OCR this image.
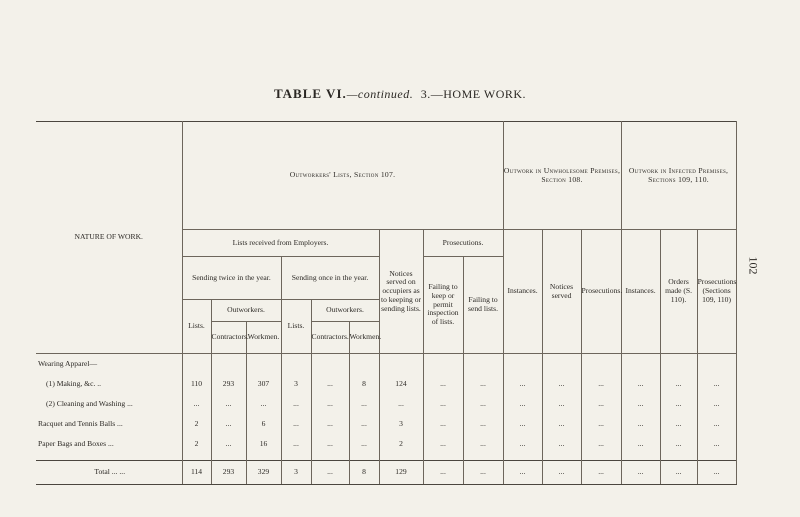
TABLE VI.—continued. 3.—HOME WORK.
102
NATURE OF WORK.	Outworkers' Lists, Section 107.									Outwork in Unwholesome Premises, Section 108.			Outwork in Infected Premises, Sections 109, 110.		
	Lists received from Employers.						Notices served on occupiers as to keeping or sending lists.	Prosecutions.		Instances.	Notices served	Prosecutions.	Instances.	Orders made (S. 110).	Prosecutions (Sections 109, 110)
	Sending twice in the year.			Sending once in the year.				Failing to keep or permit inspection of lists.	Failing to send lists.						
	Lists.	Outworkers.		Lists.	Outworkers.										
		Contractors.	Workmen.		Contractors.	Workmen.									
Wearing Apparel—															
(1) Making, &c. ..	110	293	307	3	...	8	124	...	...	...	...	...	...	...	...
(2) Cleaning and Washing ...	...	...	...	...	...	...	...	...	...	...	...	...	...	...	...
Racquet and Tennis Balls ...	2	...	6	...	...	...	3	...	...	...	...	...	...	...	...
Paper Bags and Boxes ...	2	...	16	...	...	...	2	...	...	...	...	...	...	...	...

Total ... ...	114	293	329	3	...	8	129	...	...	...	...	...	...	...	...
